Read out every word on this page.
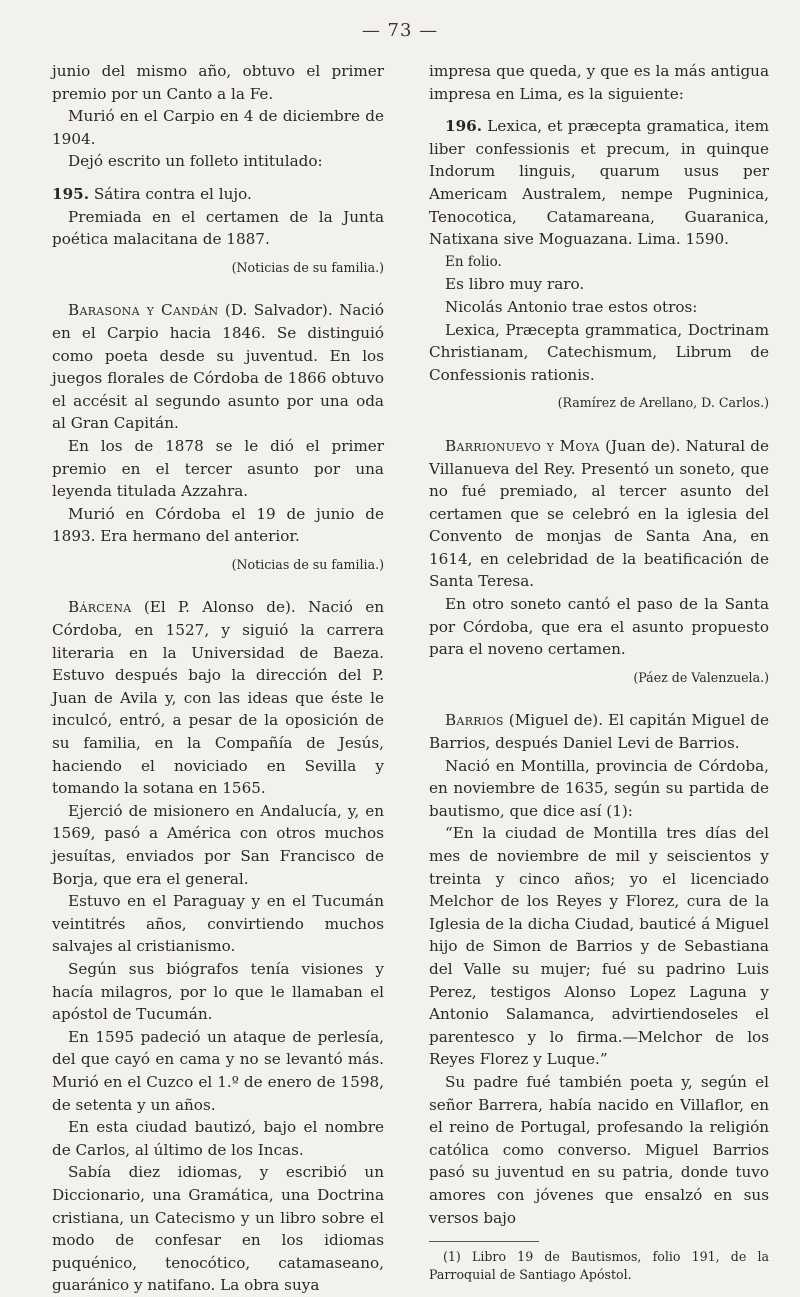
— 73 —

junio del mismo año, obtuvo el primer premio por un Canto a la Fe.

Murió en el Carpio en 4 de diciembre de 1904.

Dejó escrito un folleto intitulado:

195. Sátira contra el lujo.

Premiada en el certamen de la Junta poética malacitana de 1887.

(Noticias de su familia.)

Barasona y Candán (D. Salvador). Nació en el Carpio hacia 1846. Se distinguió como poeta desde su juventud. En los juegos florales de Córdoba de 1866 obtuvo el accésit al segundo asunto por una oda al Gran Capitán.

En los de 1878 se le dió el primer premio en el tercer asunto por una leyenda titulada Azzahra.

Murió en Córdoba el 19 de junio de 1893. Era hermano del anterior.

(Noticias de su familia.)

Bárcena (El P. Alonso de). Nació en Córdoba, en 1527, y siguió la carrera literaria en la Universidad de Baeza. Estuvo después bajo la dirección del P. Juan de Avila y, con las ideas que éste le inculcó, entró, a pesar de la oposición de su familia, en la Compañía de Jesús, haciendo el noviciado en Sevilla y tomando la sotana en 1565.

Ejerció de misionero en Andalucía, y, en 1569, pasó a América con otros muchos jesuítas, enviados por San Francisco de Borja, que era el general.

Estuvo en el Paraguay y en el Tucumán veintitrés años, convirtiendo muchos salvajes al cristianismo.

Según sus biógrafos tenía visiones y hacía milagros, por lo que le llamaban el apóstol de Tucumán.

En 1595 padeció un ataque de perlesía, del que cayó en cama y no se levantó más. Murió en el Cuzco el 1.º de enero de 1598, de setenta y un años.

En esta ciudad bautizó, bajo el nombre de Carlos, al último de los Incas.

Sabía diez idiomas, y escribió un Diccionario, una Gramática, una Doctrina cristiana, un Catecismo y un libro sobre el modo de confesar en los idiomas puquénico, tenocótico, catamaseano, guaránico y natifano. La obra suya

impresa que queda, y que es la más antigua impresa en Lima, es la siguiente:

196. Lexica, et præcepta gramatica, item liber confessionis et precum, in quinque Indorum linguis, quarum usus per Americam Australem, nempe Pugninica, Tenocotica, Catamareana, Guaranica, Natixana sive Moguazana. Lima. 1590.

En folio.

Es libro muy raro.

Nicolás Antonio trae estos otros:

Lexica, Præcepta grammatica, Doctrinam Christianam, Catechismum, Librum de Confessionis rationis.

(Ramírez de Arellano, D. Carlos.)

Barrionuevo y Moya (Juan de). Natural de Villanueva del Rey. Presentó un soneto, que no fué premiado, al tercer asunto del certamen que se celebró en la iglesia del Convento de monjas de Santa Ana, en 1614, en celebridad de la beatificación de Santa Teresa.

En otro soneto cantó el paso de la Santa por Córdoba, que era el asunto propuesto para el noveno certamen.

(Páez de Valenzuela.)

Barrios (Miguel de). El capitán Miguel de Barrios, después Daniel Levi de Barrios.

Nació en Montilla, provincia de Córdoba, en noviembre de 1635, según su partida de bautismo, que dice así (1):

“En la ciudad de Montilla tres días del mes de noviembre de mil y seiscientos y treinta y cinco años; yo el licenciado Melchor de los Reyes y Florez, cura de la Iglesia de la dicha Ciudad, bauticé á Miguel hijo de Simon de Barrios y de Sebastiana del Valle su mujer; fué su padrino Luis Perez, testigos Alonso Lopez Laguna y Antonio Salamanca, advirtiendoseles el parentesco y lo firma.—Melchor de los Reyes Florez y Luque.”

Su padre fué también poeta y, según el señor Barrera, había nacido en Villaflor, en el reino de Portugal, profesando la religión católica como converso. Miguel Barrios pasó su juventud en su patria, donde tuvo amores con jóvenes que ensalzó en sus versos bajo

(1) Libro 19 de Bautismos, folio 191, de la Parroquial de Santiago Apóstol.
